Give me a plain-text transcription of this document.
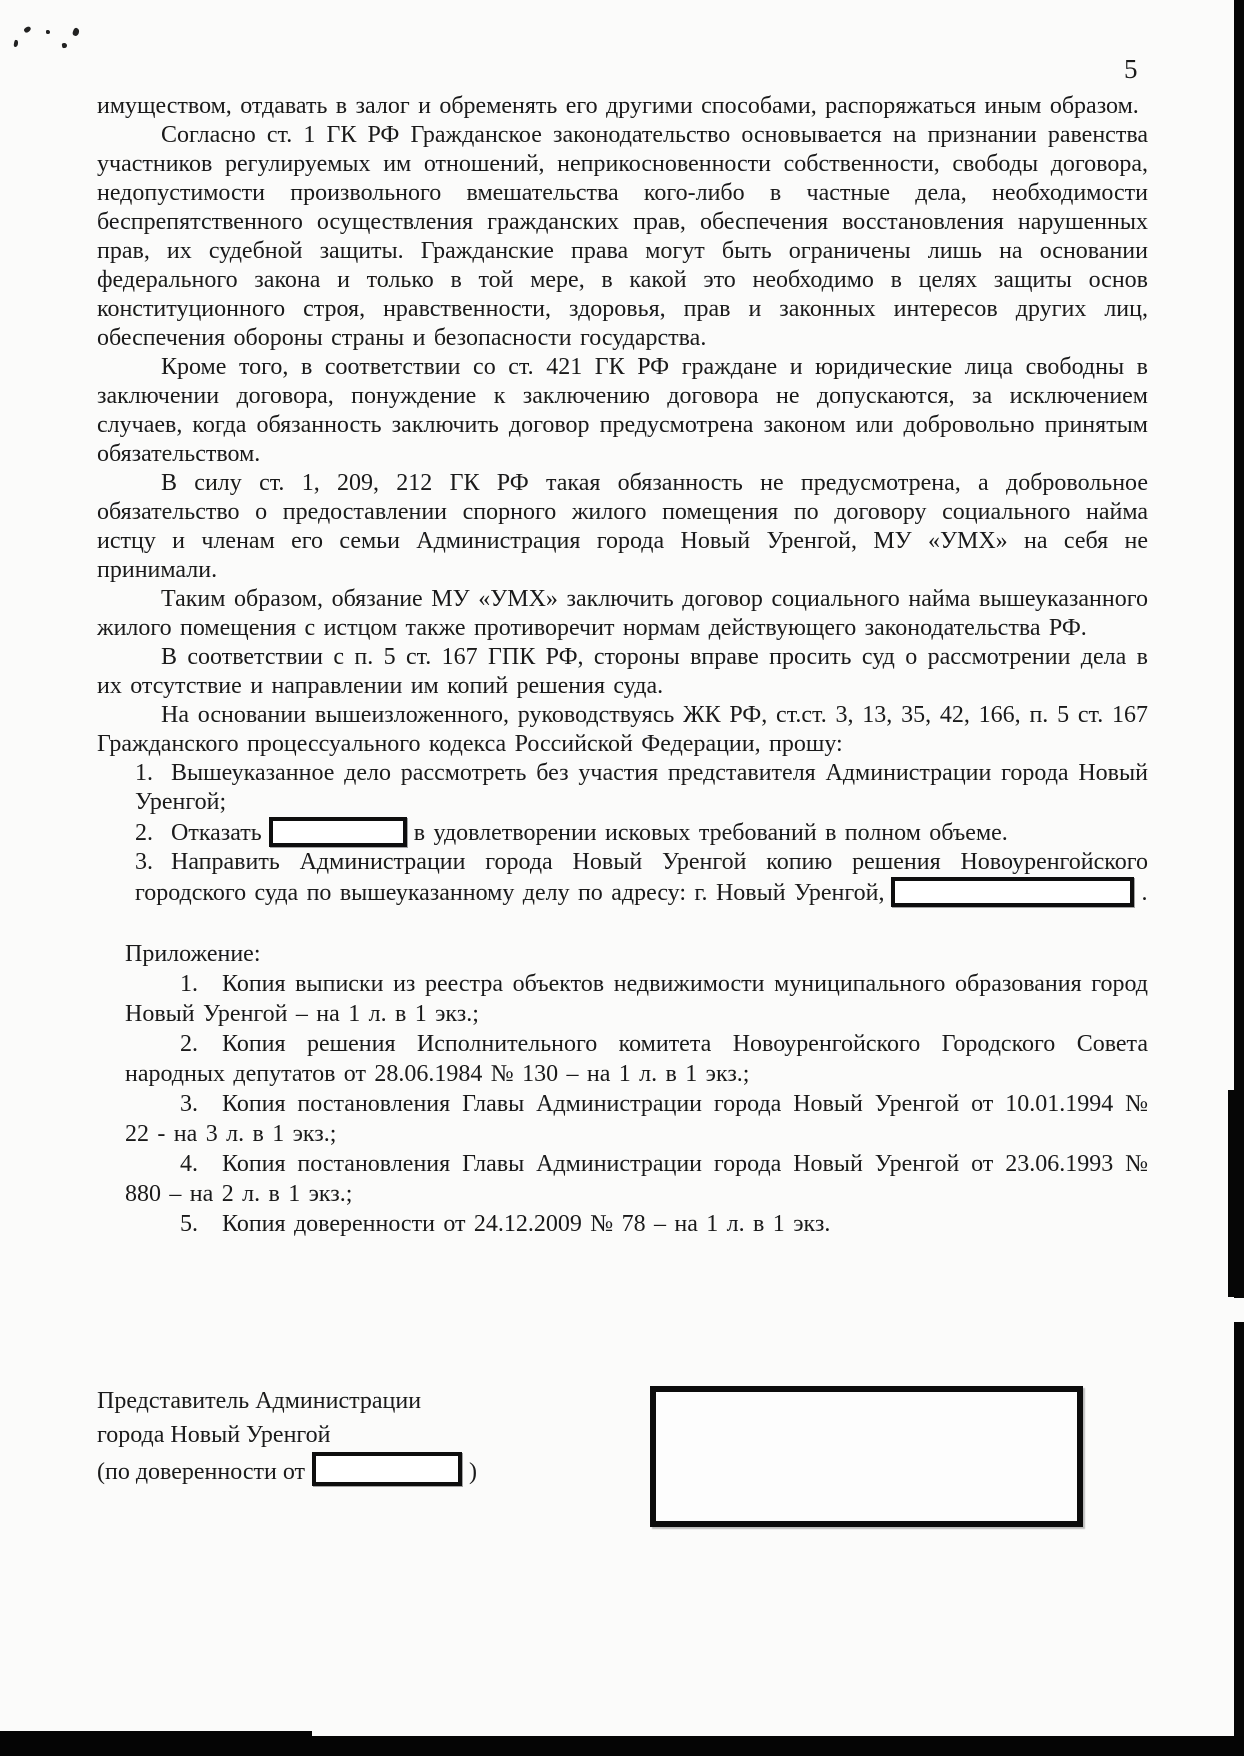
5

имуществом, отдавать в залог и обременять его другими способами, распоряжаться иным образом.

Согласно ст. 1 ГК РФ Гражданское законодательство основывается на признании равенства участников регулируемых им отношений, неприкосновенности собственности, свободы договора, недопустимости произвольного вмешательства кого-либо в частные дела, необходимости беспрепятственного осуществления гражданских прав, обеспечения восстановления нарушенных прав, их судебной защиты. Гражданские права могут быть ограничены лишь на основании федерального закона и только в той мере, в какой это необходимо в целях защиты основ конституционного строя, нравственности, здоровья, прав и законных интересов других лиц, обеспечения обороны страны и безопасности государства.

Кроме того, в соответствии со ст. 421 ГК РФ граждане и юридические лица свободны в заключении договора, понуждение к заключению договора не допускаются, за исключением случаев, когда обязанность заключить договор предусмотрена законом или добровольно принятым обязательством.

В силу ст. 1, 209, 212 ГК РФ такая обязанность не предусмотрена, а добровольное обязательство о предоставлении спорного жилого помещения по договору социального найма истцу и членам его семьи Администрация города Новый Уренгой, МУ «УМХ» на себя не принимали.

Таким образом, обязание МУ «УМХ» заключить договор социального найма вышеуказанного жилого помещения с истцом также противоречит нормам действующего законодательства РФ.

В соответствии с п. 5 ст. 167 ГПК РФ, стороны вправе просить суд о рассмотрении дела в их отсутствие и направлении им копий решения суда.

На основании вышеизложенного, руководствуясь ЖК РФ, ст.ст. 3, 13, 35, 42, 166, п. 5 ст. 167 Гражданского процессуального кодекса Российской Федерации, прошу:

1. Вышеуказанное дело рассмотреть без участия представителя Администрации города Новый Уренгой;
2. Отказать	в удовлетворении исковых требований в полном объеме.
3. Направить Администрации города Новый Уренгой копию решения Новоуренгойского городского суда по вышеуказанному делу по адресу: г. Новый Уренгой,	.

Приложение:

1. Копия выписки из реестра объектов недвижимости муниципального образования город Новый Уренгой – на 1 л. в 1 экз.;

2. Копия решения Исполнительного комитета Новоуренгойского Городского Совета народных депутатов от 28.06.1984 № 130 – на 1 л. в 1 экз.;

3. Копия постановления Главы Администрации города Новый Уренгой от 10.01.1994 № 22 - на 3 л. в 1 экз.;

4. Копия постановления Главы Администрации города Новый Уренгой от 23.06.1993 № 880 – на 2 л. в 1 экз.;

5. Копия доверенности от 24.12.2009 № 78 – на 1 л. в 1 экз.

Представитель Администрации
города Новый Уренгой
(по доверенности от	)
